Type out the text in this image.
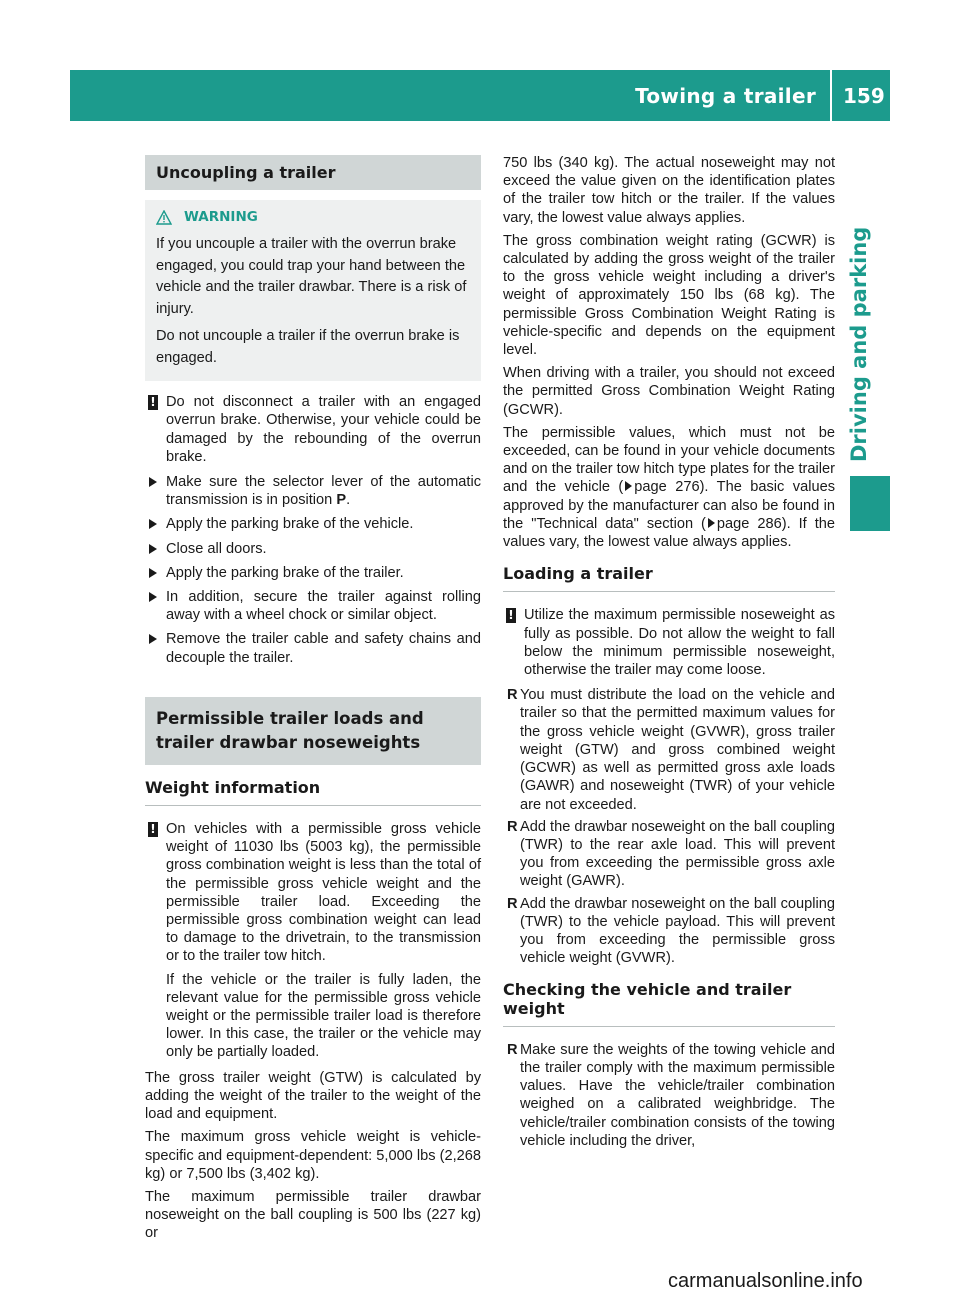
Towing a trailer 159
Driving and parking
Uncoupling a trailer
WARNING

If you uncouple a trailer with the overrun brake engaged, you could trap your hand between the vehicle and the trailer drawbar. There is a risk of injury.

Do not uncouple a trailer if the overrun brake is engaged.

! Do not disconnect a trailer with an engaged overrun brake. Otherwise, your vehicle could be damaged by the rebounding of the overrun brake.
Make sure the selector lever of the automatic transmission is in position P.
Apply the parking brake of the vehicle.
Close all doors.
Apply the parking brake of the trailer.
In addition, secure the trailer against rolling away with a wheel chock or similar object.
Remove the trailer cable and safety chains and decouple the trailer.
Permissible trailer loads and trailer drawbar noseweights
Weight information
! On vehicles with a permissible gross vehicle weight of 11030 lbs (5003 kg), the permissible gross combination weight is less than the total of the permissible gross vehicle weight and the permissible trailer load. Exceeding the permissible gross combination weight can lead to damage to the drivetrain, to the transmission or to the trailer tow hitch.
If the vehicle or the trailer is fully laden, the relevant value for the permissible gross vehicle weight or the permissible trailer load is therefore lower. In this case, the trailer or the vehicle may only be partially loaded.

The gross trailer weight (GTW) is calculated by adding the weight of the trailer to the weight of the load and equipment.

The maximum gross vehicle weight is vehicle-specific and equipment-dependent: 5,000 lbs (2,268 kg) or 7,500 lbs (3,402 kg).

The maximum permissible trailer drawbar noseweight on the ball coupling is 500 lbs (227 kg) or

750 lbs (340 kg). The actual noseweight may not exceed the value given on the identification plates of the trailer tow hitch or the trailer. If the values vary, the lowest value always applies.

The gross combination weight rating (GCWR) is calculated by adding the gross weight of the trailer to the gross vehicle weight including a driver's weight of approximately 150 lbs (68 kg). The permissible Gross Combination Weight Rating is vehicle-specific and depends on the equipment level.

When driving with a trailer, you should not exceed the permitted Gross Combination Weight Rating (GCWR).

The permissible values, which must not be exceeded, can be found in your vehicle documents and on the trailer tow hitch type plates for the trailer and the vehicle ( page 276). The basic values approved by the manufacturer can also be found in the "Technical data" section ( page 286). If the values vary, the lowest value always applies.

Loading a trailer
! Utilize the maximum permissible noseweight as fully as possible. Do not allow the weight to fall below the minimum permissible noseweight, otherwise the trailer may come loose.
R You must distribute the load on the vehicle and trailer so that the permitted maximum values for the gross vehicle weight (GVWR), gross trailer weight (GTW) and gross combined weight (GCWR) as well as permitted gross axle loads (GAWR) and noseweight (TWR) of your vehicle are not exceeded.
R Add the drawbar noseweight on the ball coupling (TWR) to the rear axle load. This will prevent you from exceeding the permissible gross axle weight (GAWR).
R Add the drawbar noseweight on the ball coupling (TWR) to the vehicle payload. This will prevent you from exceeding the permissible gross vehicle weight (GVWR).
Checking the vehicle and trailer weight
R Make sure the weights of the towing vehicle and the trailer comply with the maximum permissible values. Have the vehicle/trailer combination weighed on a calibrated weighbridge. The vehicle/trailer combination consists of the towing vehicle including the driver,
carmanualsonline.info
